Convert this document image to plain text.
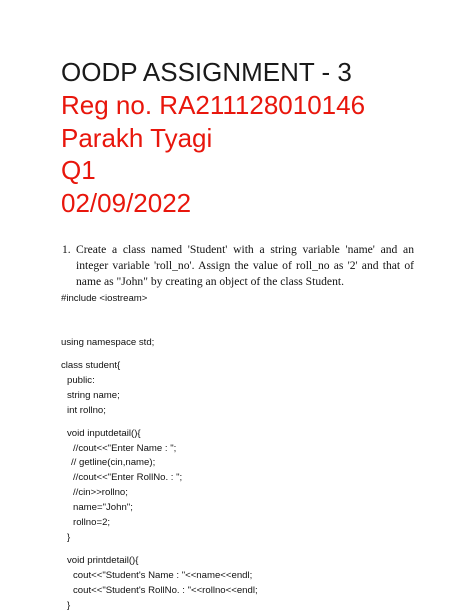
OODP ASSIGNMENT - 3
Reg no. RA211128010146
Parakh Tyagi
Q1
02/09/2022
1. Create a class named 'Student' with a string variable 'name' and an integer variable 'roll_no'. Assign the value of roll_no as '2' and that of name as "John" by creating an object of the class Student.
#include <iostream>
using namespace std;
class student{
public:
string name;
int rollno;
void inputdetail(){
//cout<<"Enter Name : ";
// getline(cin,name);
//cout<<"Enter RollNo. : ";
//cin>>rollno;
name="John";
rollno=2;
}
void printdetail(){
cout<<"Student's Name : "<<name<<endl;
cout<<"Student's RollNo. : "<<rollno<<endl;
}
